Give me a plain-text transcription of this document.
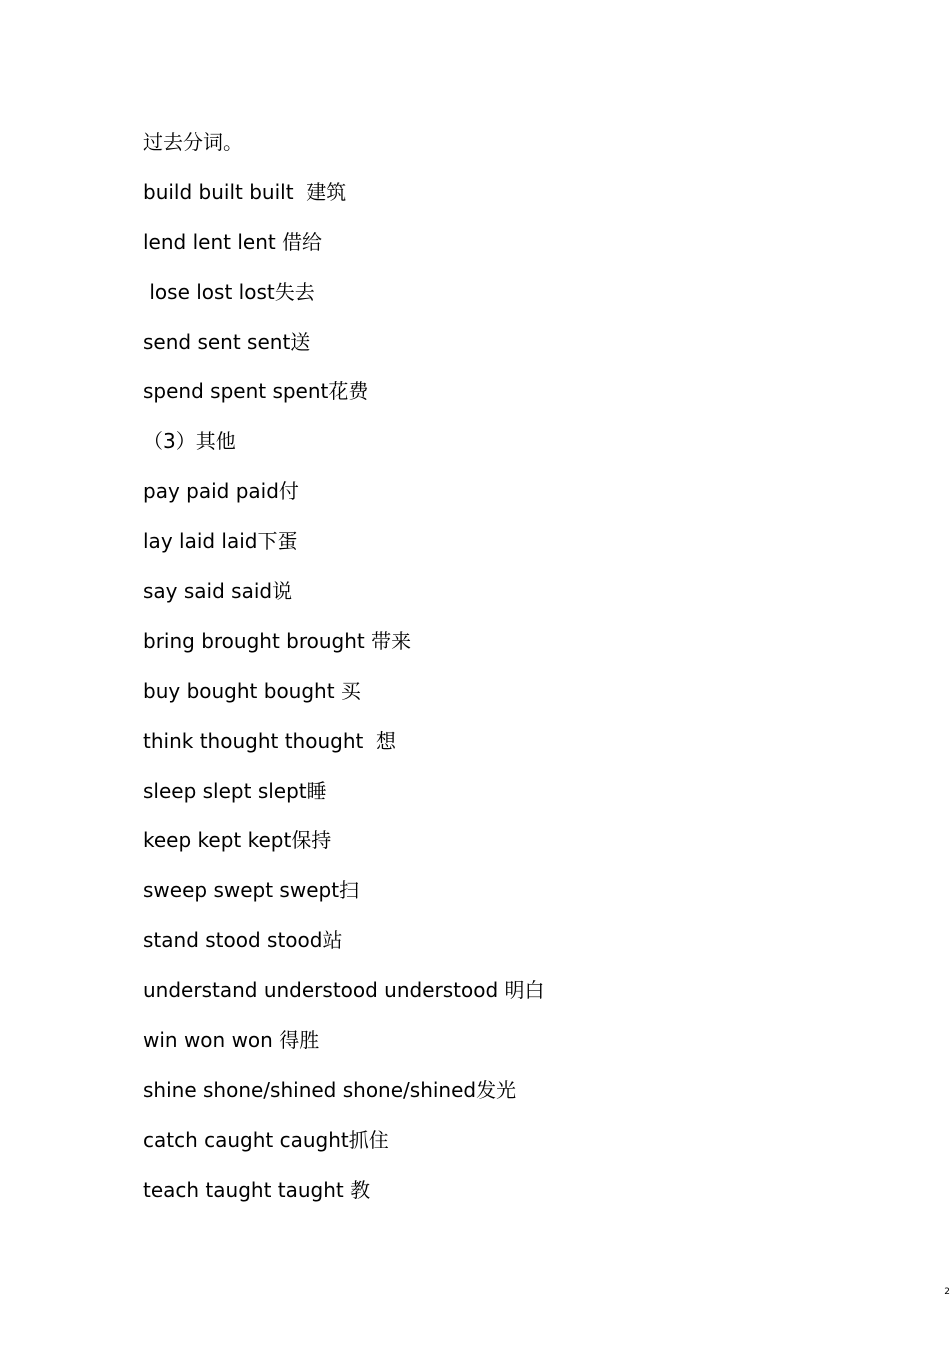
过去分词。
build built built  建筑
lend lent lent 借给
lose lost lost失去
send sent sent送
spend spent spent花费
（3）其他
pay paid paid付
lay laid laid下蛋
say said said说
bring brought brought 带来
buy bought bought 买
think thought thought  想
sleep slept slept睡
keep kept kept保持
sweep swept swept扫
stand stood stood站
understand understood understood 明白
win won won 得胜
shine shone/shined shone/shined发光
catch caught caught抓住
teach taught taught 教
2
